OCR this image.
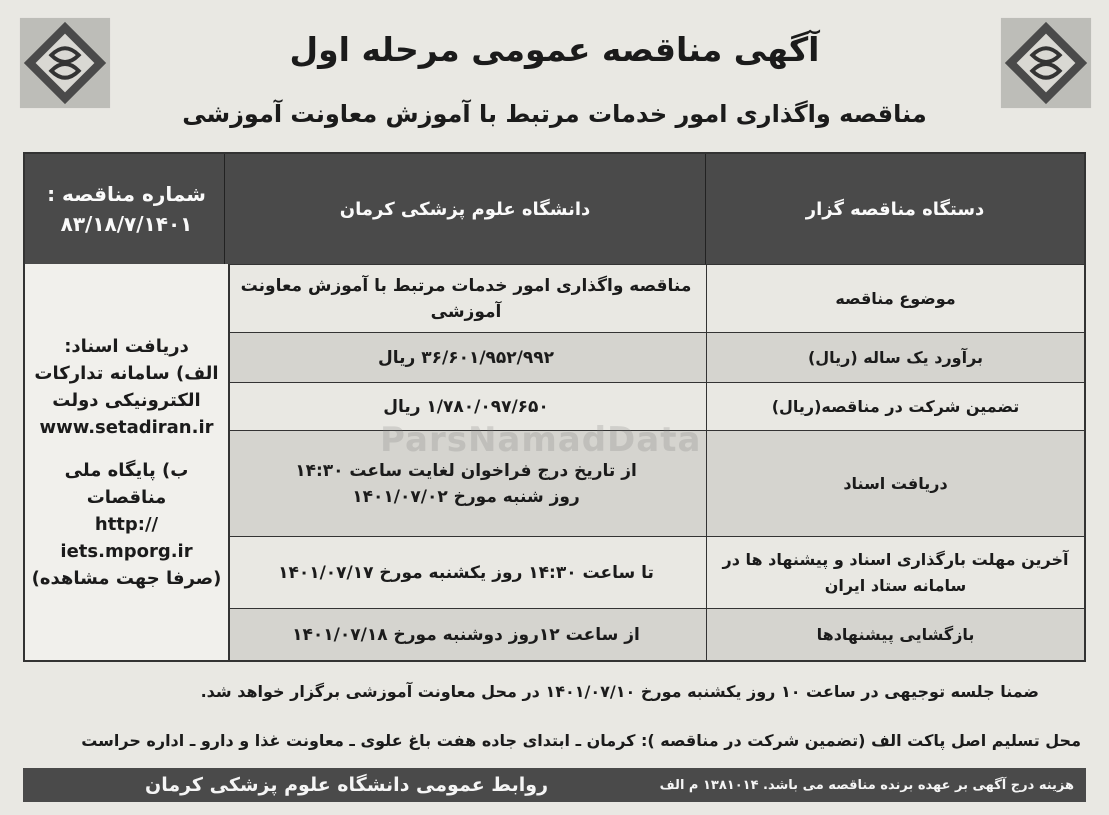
آگهی مناقصه عمومی مرحله اول
مناقصه واگذاری امور خدمات مرتبط با آموزش معاونت آموزشی
دستگاه مناقصه گزار
دانشگاه علوم پزشکی کرمان
شماره مناقصه :
۸۳/۱۸/۷/۱۴۰۱
موضوع مناقصه
مناقصه واگذاری امور خدمات مرتبط با آموزش معاونت آموزشی
برآورد یک ساله (ریال)
۳۶/۶۰۱/۹۵۲/۹۹۲ ریال
تضمین شرکت در مناقصه(ریال)
۱/۷۸۰/۰۹۷/۶۵۰ ریال
دریافت اسناد
از تاریخ درج فراخوان لغایت ساعت ۱۴:۳۰
روز شنبه مورخ ۱۴۰۱/۰۷/۰۲
آخرین مهلت بارگذاری اسناد و پیشنهاد ها در سامانه ستاد ایران
تا ساعت ۱۴:۳۰ روز یکشنبه مورخ ۱۴۰۱/۰۷/۱۷
بازگشایی پیشنهادها
از ساعت ۱۲روز دوشنبه مورخ ۱۴۰۱/۰۷/۱۸
دریافت اسناد:
الف) سامانه تدارکات
الکترونیکی دولت
www.setadiran.ir
ب) پایگاه ملی مناقصات
http://
iets.mporg.ir
(صرفا جهت مشاهده)
ParsNamadData
ضمنا جلسه توجیهی در ساعت ۱۰ روز یکشنبه مورخ ۱۴۰۱/۰۷/۱۰ در محل معاونت آموزشی برگزار خواهد شد.
محل تسلیم اصل پاکت الف (تضمین شرکت در مناقصه ): کرمان ـ ابتدای جاده هفت باغ علوی ـ معاونت غذا و دارو ـ اداره حراست
هزینه درج آگهی بر عهده برنده مناقصه می باشد. ۱۳۸۱۰۱۴ م الف
روابط عمومی دانشگاه علوم پزشکی کرمان
